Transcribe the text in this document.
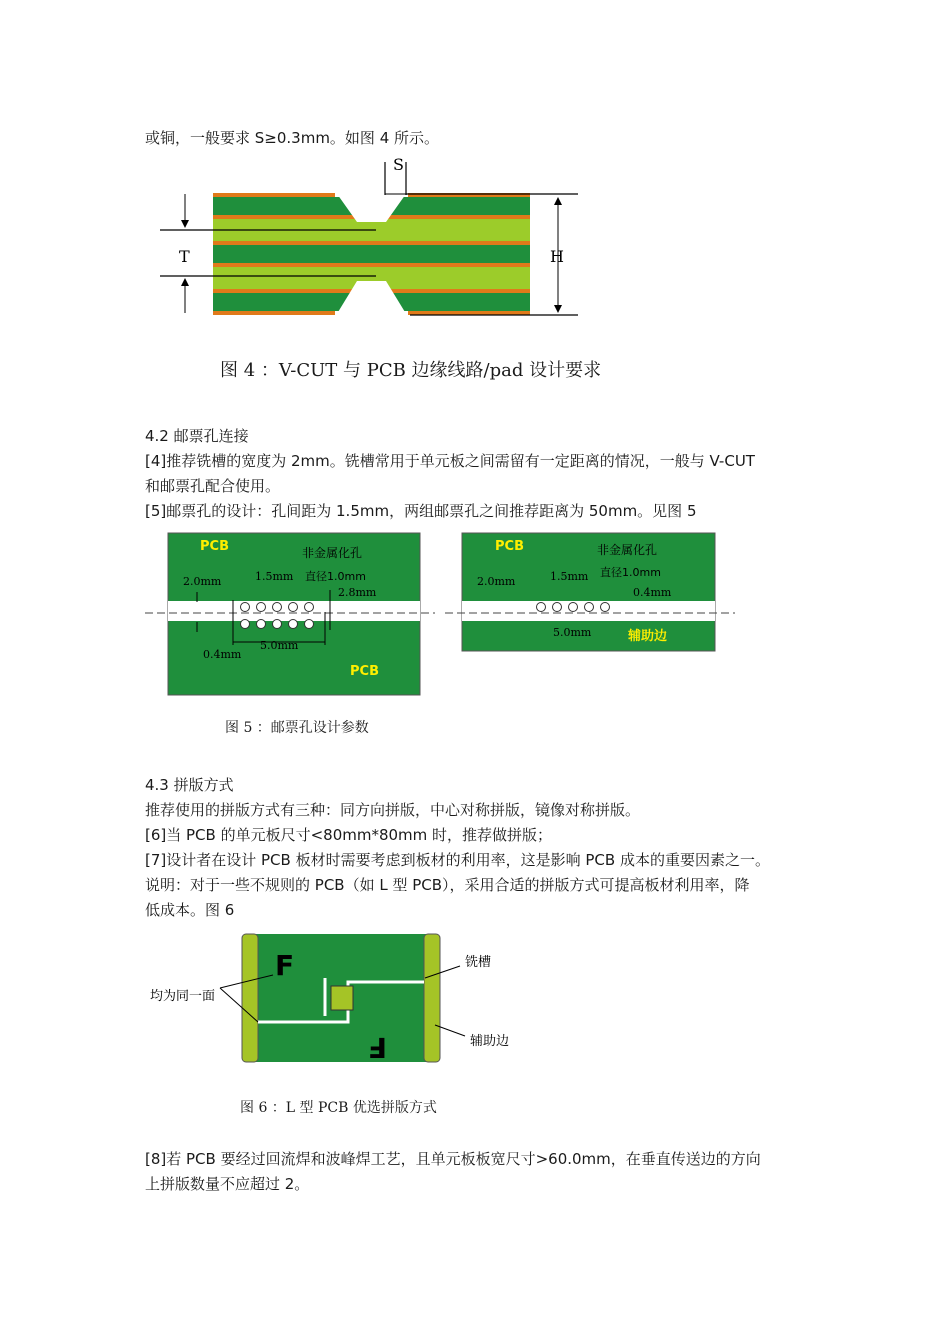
或铜，一般要求 S≥0.3mm。如图 4 所示。
S
H
T
图 4 ：V-CUT 与 PCB 边缘线路/pad 设计要求
4.2 邮票孔连接
[4]推荐铣槽的宽度为 2mm。铣槽常用于单元板之间需留有一定距离的情况，一般与 V-CUT
和邮票孔配合使用。
[5]邮票孔的设计：孔间距为 1.5mm，两组邮票孔之间推荐距离为 50mm。见图 5
PCB
PCB
非金属化孔
2.0mm	1.5mm 直径1.0mm
2.8mm
0.4mm
5.0mm
PCB	非金属化孔
2.0mm	1.5mm 直径1.0mm
0.4mm
5.0mm	辅助边
图 5 ：邮票孔设计参数
4.3 拼版方式
推荐使用的拼版方式有三种：同方向拼版，中心对称拼版，镜像对称拼版。
[6]当 PCB 的单元板尺寸<80mm*80mm 时，推荐做拼版；
[7]设计者在设计 PCB 板材时需要考虑到板材的利用率，这是影响 PCB 成本的重要因素之一。
说明：对于一些不规则的 PCB（如 L 型 PCB），采用合适的拼版方式可提高板材利用率，降
低成本。图 6
F
F
均为同一面
铣槽
辅助边
图 6 ：L 型 PCB 优选拼版方式
[8]若 PCB 要经过回流焊和波峰焊工艺，且单元板板宽尺寸>60.0mm，在垂直传送边的方向
上拼版数量不应超过 2。
